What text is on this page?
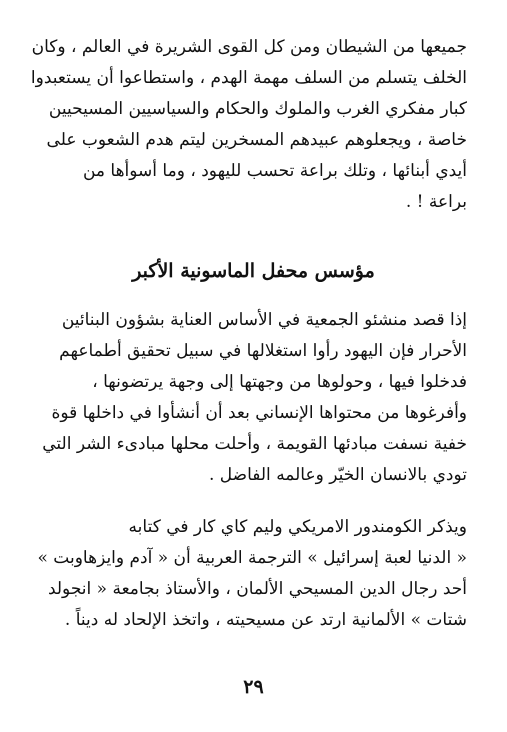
جميعها من الشيطان ومن كل القوى الشريرة في العالم ، وكان
الخلف يتسلم من السلف مهمة الهدم ، واستطاعوا أن يستعبدوا
كبار مفكري الغرب والملوك والحكام والسياسيين المسيحيين
خاصة ، ويجعلوهم عبيدهم المسخرين ليتم هدم الشعوب على
أيدي أبنائها ، وتلك براعة تحسب لليهود ، وما أسوأها من
براعة ! .
مؤسس محفل الماسونية الأكبر
إذا قصد منشئو الجمعية في الأساس العناية بشؤون البنائين
الأحرار فإن اليهود رأوا استغلالها في سبيل تحقيق أطماعهم
فدخلوا فيها ، وحولوها من وجهتها إلى وجهة يرتضونها ،
وأفرغوها من محتواها الإنساني بعد أن أنشأوا في داخلها قوة
خفية نسفت مبادئها القويمة ، وأحلت محلها مبادىء الشر التي
تودي بالانسان الخيّر وعالمه الفاضل .
ويذكر الكومندور الامريكي وليم كاي كار في كتابه
« الدنيا لعبة إسرائيل » الترجمة العربية أن « آدم وايزهاوبت »
أحد رجال الدين المسيحي الألمان ، والأستاذ بجامعة « انجولد
شتات » الألمانية ارتد عن مسيحيته ، واتخذ الإلحاد له ديناً .
٢٩
